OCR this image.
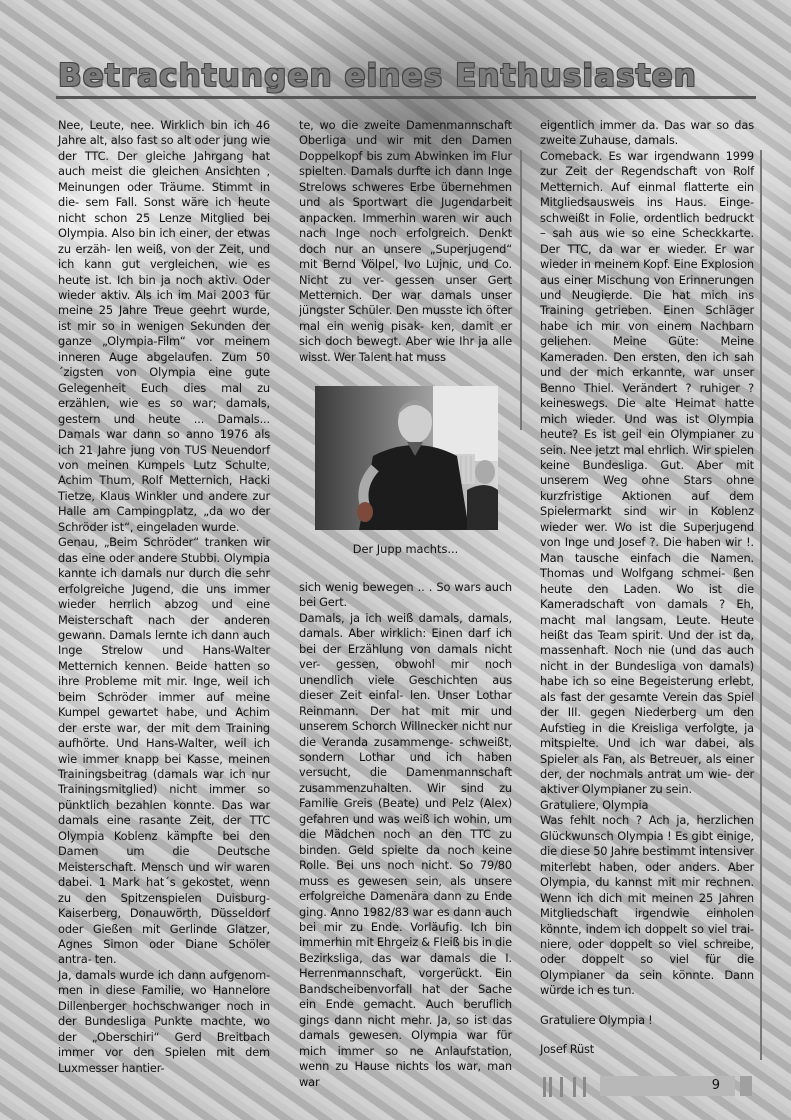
Betrachtungen eines Enthusiasten

Nee, Leute, nee. Wirklich bin ich 46 Jahre alt, also fast so alt oder jung wie der TTC. Der gleiche Jahrgang hat auch meist die gleichen Ansichten , Meinungen oder Träume. Stimmt in die- sem Fall. Sonst wäre ich heute nicht schon 25 Lenze Mitglied bei Olympia. Also bin ich einer, der etwas zu erzäh- len weiß, von der Zeit, und ich kann gut vergleichen, wie es heute ist. Ich bin ja noch aktiv. Oder wieder aktiv. Als ich im Mai 2003 für meine 25 Jahre Treue geehrt wurde, ist mir so in wenigen Sekunden der ganze „Olympia-Film“ vor meinem inneren Auge abgelaufen. Zum 50´zigsten von Olympia eine gute Gelegenheit Euch dies mal zu erzählen, wie es so war; damals, gestern und heute ... Damals... Damals war dann so anno 1976 als ich 21 Jahre jung von TUS Neuendorf von meinen Kumpels Lutz Schulte, Achim Thum, Rolf Metternich, Hacki Tietze, Klaus Winkler und andere zur Halle am Campingplatz, „da wo der Schröder ist“, eingeladen wurde.

Genau, „Beim Schröder“ tranken wir das eine oder andere Stubbi. Olympia kannte ich damals nur durch die sehr erfolgreiche Jugend, die uns immer wieder herrlich abzog und eine Meisterschaft nach der anderen gewann. Damals lernte ich dann auch Inge Strelow und Hans-Walter Metternich kennen. Beide hatten so ihre Probleme mit mir. Inge, weil ich beim Schröder immer auf meine Kumpel gewartet habe, und Achim der erste war, der mit dem Training aufhörte. Und Hans-Walter, weil ich wie immer knapp bei Kasse, meinen Trainingsbeitrag (damals war ich nur Trainingsmitglied) nicht immer so pünktlich bezahlen konnte. Das war damals eine rasante Zeit, der TTC Olympia Koblenz kämpfte bei den Damen um die Deutsche Meisterschaft. Mensch und wir waren dabei. 1 Mark hat´s gekostet, wenn zu den Spitzenspielen Duisburg- Kaiserberg, Donauwörth, Düsseldorf oder Gießen mit Gerlinde Glatzer, Agnes Simon oder Diane Schöler antra- ten.

Ja, damals wurde ich dann aufgenom- men in diese Familie, wo Hannelore Dillenberger hochschwanger noch in der Bundesliga Punkte machte, wo der „Oberschiri“ Gerd Breitbach immer vor den Spielen mit dem Luxmesser hantier-

te, wo die zweite Damenmannschaft Oberliga und wir mit den Damen Doppelkopf bis zum Abwinken im Flur spielten. Damals durfte ich dann Inge Strelows schweres Erbe übernehmen und als Sportwart die Jugendarbeit anpacken. Immerhin waren wir auch nach Inge noch erfolgreich. Denkt doch nur an unsere „Superjugend“ mit Bernd Völpel, Ivo Lujnic, und Co. Nicht zu ver- gessen unser Gert Metternich. Der war damals unser jüngster Schüler. Den musste ich öfter mal ein wenig pisak- ken, damit er sich doch bewegt. Aber wie Ihr ja alle wisst. Wer Talent hat muss

Der Jupp machts...

sich wenig bewegen .. . So wars auch bei Gert.

Damals, ja ich weiß damals, damals, damals. Aber wirklich: Einen darf ich bei der Erzählung von damals nicht ver- gessen, obwohl mir noch unendlich viele Geschichten aus dieser Zeit einfal- len. Unser Lothar Reinmann. Der hat mit mir und unserem Schorch Willnecker nicht nur die Veranda zusammenge- schweißt, sondern Lothar und ich haben versucht, die Damenmannschaft zusammenzuhalten. Wir sind zu Familie Greis (Beate) und Pelz (Alex) gefahren und was weiß ich wohin, um die Mädchen noch an den TTC zu binden. Geld spielte da noch keine Rolle. Bei uns noch nicht. So 79/80 muss es gewesen sein, als unsere erfolgreiche Damenära dann zu Ende ging. Anno 1982/83 war es dann auch bei mir zu Ende. Vorläufig. Ich bin immerhin mit Ehrgeiz & Fleiß bis in die Bezirksliga, das war damals die I. Herrenmannschaft, vorgerückt. Ein Bandscheibenvorfall hat der Sache ein Ende gemacht. Auch beruflich gings dann nicht mehr. Ja, so ist das damals gewesen. Olympia war für mich immer so ne Anlaufstation, wenn zu Hause nichts los war, man war

eigentlich immer da. Das war so das zweite Zuhause, damals.

Comeback. Es war irgendwann 1999 zur Zeit der Regendschaft von Rolf Metternich. Auf einmal flatterte ein Mitgliedsausweis ins Haus. Einge- schweißt in Folie, ordentlich bedruckt – sah aus wie so eine Scheckkarte. Der TTC, da war er wieder. Er war wieder in meinem Kopf. Eine Explosion aus einer Mischung von Erinnerungen und Neugierde. Die hat mich ins Training getrieben. Einen Schläger habe ich mir von einem Nachbarn geliehen. Meine Güte: Meine Kameraden. Den ersten, den ich sah und der mich erkannte, war unser Benno Thiel. Verändert ? ruhiger ? keineswegs. Die alte Heimat hatte mich wieder. Und was ist Olympia heute? Es ist geil ein Olympianer zu sein. Nee jetzt mal ehrlich. Wir spielen keine Bundesliga. Gut. Aber mit unserem Weg ohne Stars ohne kurzfristige Aktionen auf dem Spielermarkt sind wir in Koblenz wieder wer. Wo ist die Superjugend von Inge und Josef ?. Die haben wir !. Man tausche einfach die Namen. Thomas und Wolfgang schmei- ßen heute den Laden. Wo ist die Kameradschaft von damals ? Eh, macht mal langsam, Leute. Heute heißt das Team spirit. Und der ist da, massenhaft. Noch nie (und das auch nicht in der Bundesliga von damals) habe ich so eine Begeisterung erlebt, als fast der gesamte Verein das Spiel der III. gegen Niederberg um den Aufstieg in die Kreisliga verfolgte, ja mitspielte. Und ich war dabei, als Spieler als Fan, als Betreuer, als einer der, der nochmals antrat um wie- der aktiver Olympianer zu sein.

Gratuliere, Olympia

Was fehlt noch ? Ach ja, herzlichen Glückwunsch Olympia ! Es gibt einige, die diese 50 Jahre bestimmt intensiver miterlebt haben, oder anders. Aber Olympia, du kannst mit mir rechnen. Wenn ich dich mit meinen 25 Jahren Mitgliedschaft irgendwie einholen könnte, indem ich doppelt so viel trai- niere, oder doppelt so viel schreibe, oder doppelt so viel für die Olympianer da sein könnte. Dann würde ich es tun.

Gratuliere Olympia !

Josef Rüst

9
